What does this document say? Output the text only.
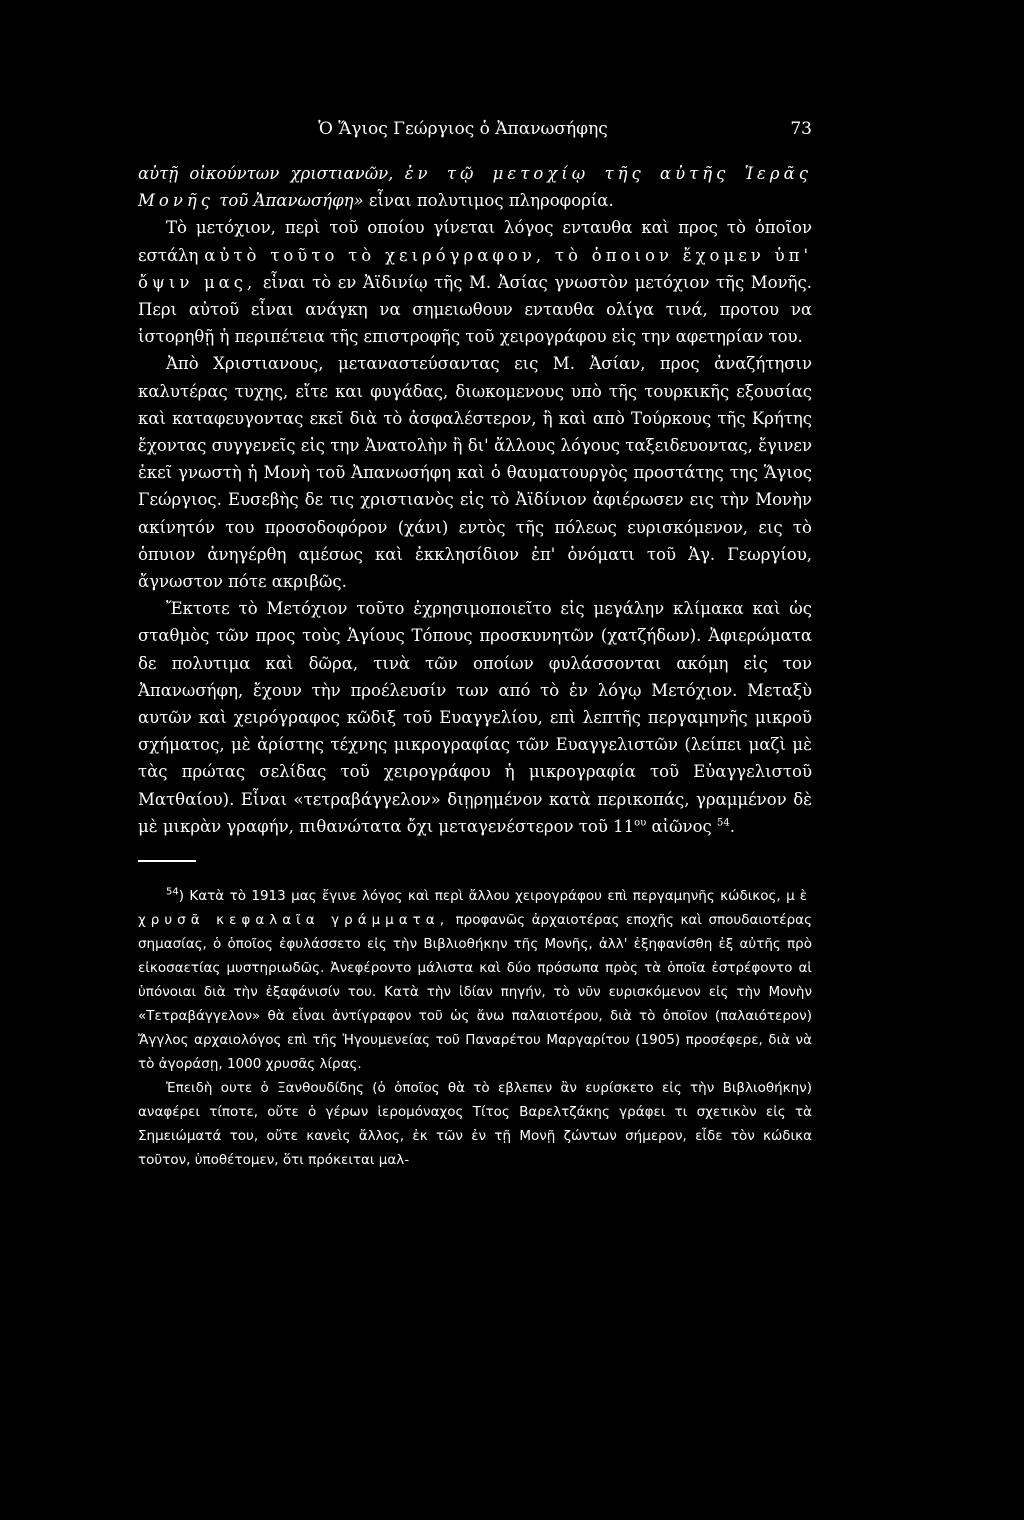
Ὁ Ἅγιος Γεώργιος ὁ Ἀπανωσήφης	73

αὐτῇ οἰκούντων χριστιανῶν, ἐν τῷ μετοχίῳ τῆς αὐτῆς Ἱερᾶς Μονῆς τοῦ Ἀπανωσήφη» εἶναι πολυτιμος πληροφορία.

Τὸ μετόχιον, περὶ τοῦ οποίου γίνεται λόγος ενταυθα καὶ προς τὸ ὁποῖον εστάλη αὐτὸ τοῦτο τὸ χειρόγραφον, τὸ ὁποιον ἔχομεν ὑπ' ὄψιν μας, εἶναι τὸ εν Ἀϊδινίῳ τῆς Μ. Ἀσίας γνωστὸν μετόχιον τῆς Μονῆς. Περι αὐτοῦ εἶναι ανάγκη να σημειωθουν ενταυθα ολίγα τινά, προτου να ἱστορηθῇ ἡ περιπέτεια τῆς επιστροφῆς τοῦ χειρογράφου εἰς την αφετηρίαν του.

Ἀπὸ Χριστιανους, μεταναστεύσαντας εις Μ. Ἀσίαν, προς ἀναζήτησιν καλυτέρας τυχης, εἴτε και φυγάδας, διωκομενους υπὸ τῆς τουρκικῆς εξουσίας καὶ καταφευγοντας εκεῖ διὰ τὸ ἀσφαλέστερον, ἢ καὶ απὸ Τούρκους τῆς Κρήτης ἔχοντας συγγενεῖς εἰς την Ἀνατολὴν ἢ δι' ἄλλους λόγους ταξειδευοντας, ἔγινεν ἐκεῖ γνωστὴ ἡ Μονὴ τοῦ Ἀπανωσήφη καὶ ὁ θαυματουργὸς προστάτης της Ἅγιος Γεώργιος. Ευσεβὴς δε τις χριστιανὸς εἰς τὸ Ἀϊδίνιον ἀφιέρωσεν εις τὴν Μονὴν ακίνητόν του προσοδοφόρον (χάνι) εντὸς τῆς πόλεως ευρισκόμενον, εις τὸ ὁπυιον ἀνηγέρθη αμέσως καὶ ἐκκλησίδιον ἐπ' ὀνόματι τοῦ Ἁγ. Γεωργίου, ἄγνωστον πότε ακριβῶς.

Ἔκτοτε τὸ Μετόχιον τοῦτο ἐχρησιμοποιεῖτο εἰς μεγάλην κλίμακα καὶ ὡς σταθμὸς τῶν προς τοὺς Ἁγίους Τόπους προσκυνητῶν (χατζήδων). Ἀφιερώματα δε πολυτιμα καὶ δῶρα, τινὰ τῶν οποίων φυλάσσονται ακόμη εἰς τον Ἀπανωσήφη, ἔχουν τὴν προέλευσίν των από τὸ ἐν λόγῳ Μετόχιον. Μεταξὺ αυτῶν καὶ χειρόγραφος κῶδιξ τοῦ Ευαγγελίου, επὶ λεπτῆς περγαμηνῆς μικροῦ σχήματος, μὲ ἀρίστης τέχνης μικρογραφίας τῶν Ευαγγελιστῶν (λείπει μαζὶ μὲ τὰς πρώτας σελίδας τοῦ χειρογράφου ἡ μικρογραφία τοῦ Εὐαγγελιστοῦ Ματθαίου). Εἶναι «τετραβάγγελον» διῃρημένον κατὰ περικοπάς, γραμμένον δὲ μὲ μικρὰν γραφήν, πιθανώτατα ὄχι μεταγενέστερον τοῦ $11^{o\upsilon}$ αἰῶνος $^{54}$.

$^{54}$) Κατὰ τὸ 1913 μας ἔγινε λόγος καὶ περὶ ἄλλου χειρογράφου επὶ περγαμηνῆς κώδικος, μὲ χρυσᾶ κεφαλαῖα γράμματα, προφανῶς ἀρχαιοτέρας εποχῆς καὶ σπουδαιοτέρας σημασίας, ὁ ὁποῖος ἐφυλάσσετο εἰς τὴν Βιβλιοθήκην τῆς Μονῆς, ἀλλ' ἐξηφανίσθη ἐξ αὐτῆς πρὸ εἰκοσαετίας μυστηριωδῶς. Ἀνεφέροντο μάλιστα καὶ δύο πρόσωπα πρὸς τὰ ὁποῖα ἐστρέφοντο αἱ ὑπόνοιαι διὰ τὴν ἐξαφάνισίν του. Κατὰ τὴν ἰδίαν πηγήν, τὸ νῦν ευρισκόμενον εἰς τὴν Μονὴν «Τετραβάγγελον» θὰ εἶναι ἀντίγραφον τοῦ ὡς ἄνω παλαιοτέρου, διὰ τὸ ὁποῖον (παλαιότερον) Ἄγγλος αρχαιολόγος επὶ τῆς Ἡγουμενείας τοῦ Παναρέτου Μαργαρίτου (1905) προσέφερε, διὰ νὰ τὸ ἀγοράσῃ, 1000 χρυσᾶς λίρας.

Ἐπειδὴ ουτε ὁ Ξανθουδίδης (ὁ ὁποῖος θὰ τὸ εβλεπεν ἂν ευρίσκετο εἰς τὴν Βιβλιοθήκην) αναφέρει τίποτε, οὔτε ὁ γέρων ἱερομόναχος Τίτος Βαρελτζάκης γράφει τι σχετικὸν εἰς τὰ Σημειώματά του, οὔτε κανεὶς ἄλλος, ἐκ τῶν ἐν τῇ Μονῇ ζώντων σήμερον, εἶδε τὸν κώδικα τοῦτον, ὑποθέτομεν, ὅτι πρόκειται μαλ-
